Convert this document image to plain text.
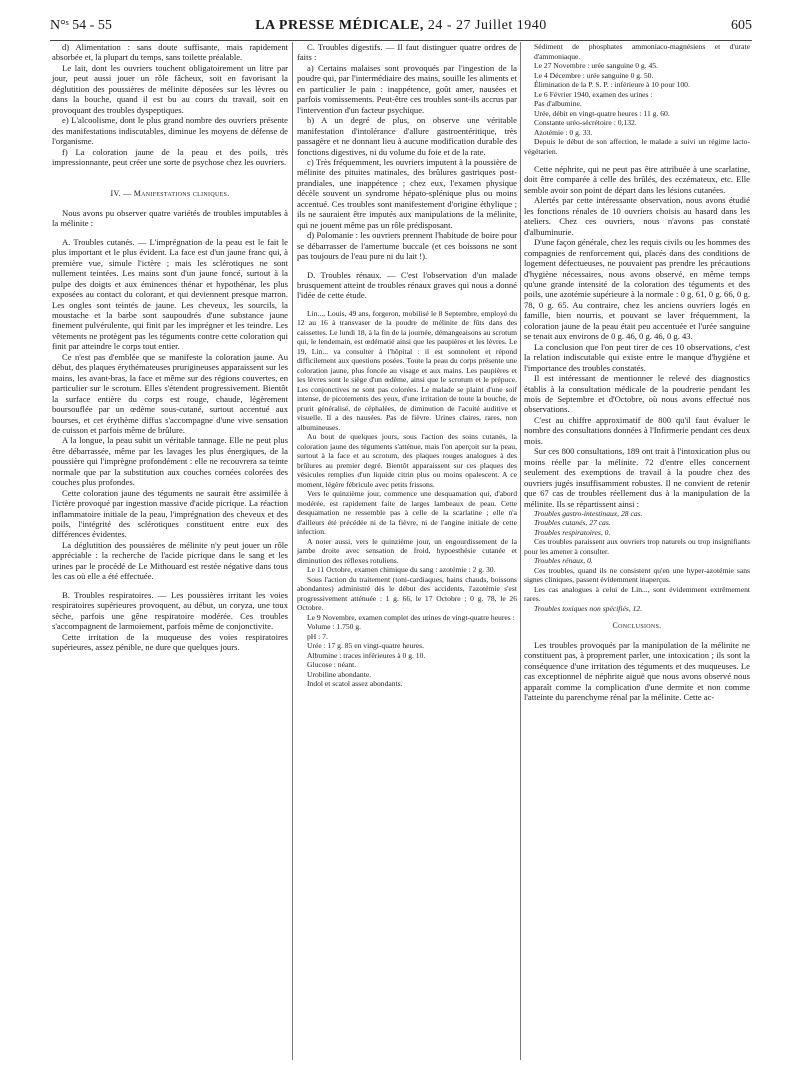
N°ˢ 54 - 55	LA PRESSE MÉDICALE, 24 - 27 Juillet 1940	605

d) Alimentation : sans doute suffisante, mais rapidement absorbée et, la plupart du temps, sans toilette préalable.

Le lait, dont les ouvriers touchent obligatoirement un litre par jour, peut aussi jouer un rôle fâcheux, soit en favorisant la déglutition des poussières de mélinite déposées sur les lèvres ou dans la bouche, quand il est bu au cours du travail, soit en provoquant des troubles dyspeptiques.

e) L'alcoolisme, dont le plus grand nombre des ouvriers présente des manifestations indiscutables, diminue les moyens de défense de l'organisme.

f) La coloration jaune de la peau et des poils, très impressionnante, peut créer une sorte de psychose chez les ouvriers.

IV. — Manifestations cliniques.

Nous avons pu observer quatre variétés de troubles imputables à la mélinite :

A. Troubles cutanés. — L'imprégnation de la peau est le fait le plus important et le plus évident. La face est d'un jaune franc qui, à première vue, simule l'ictère ; mais les sclérotiques ne sont nullement teintées. Les mains sont d'un jaune foncé, surtout à la pulpe des doigts et aux éminences thénar et hypothénar, les plus exposées au contact du colorant, et qui deviennent presque marron. Les ongles sont teintés de jaune. Les cheveux, les sourcils, la moustache et la barbe sont saupoudrés d'une substance jaune finement pulvérulente, qui finit par les imprégner et les teindre. Les vêtements ne protègent pas les téguments contre cette coloration qui finit par atteindre le corps tout entier.

Ce n'est pas d'emblée que se manifeste la coloration jaune. Au début, des plaques érythémateuses prurigineuses apparaissent sur les mains, les avant-bras, la face et même sur des régions couvertes, en particulier sur le scrotum. Elles s'étendent progressivement. Bientôt la surface entière du corps est rouge, chaude, légèrement boursouflée par un œdème sous-cutané, surtout accentué aux bourses, et cet érythème diffus s'accompagne d'une vive sensation de cuisson et parfois même de brûlure.

A la longue, la peau subit un véritable tannage. Elle ne peut plus être débarrassée, même par les lavages les plus énergiques, de la poussière qui l'imprègne profondément : elle ne recouvrera sa teinte normale que par la substitution aux couches cornées colorées des couches plus profondes.

Cette coloration jaune des téguments ne saurait être assimilée à l'ictère provoqué par ingestion massive d'acide picrique. La réaction inflammatoire initiale de la peau, l'imprégnation des cheveux et des poils, l'intégrité des sclérotiques constituent entre eux des différences évidentes.

La déglutition des poussières de mélinite n'y peut jouer un rôle appréciable : la recherche de l'acide picrique dans le sang et les urines par le procédé de Le Mithouard est restée négative dans tous les cas où elle a été effectuée.

B. Troubles respiratoires. — Les poussières irritant les voies respiratoires supérieures provoquent, au début, un coryza, une toux sèche, parfois une gêne respiratoire modérée. Ces troubles s'accompagnent de larmoiement, parfois même de conjonctivite.

Cette irritation de la muqueuse des voies respiratoires supérieures, assez pénible, ne dure que quelques jours.

C. Troubles digestifs. — Il faut distinguer quatre ordres de faits :

a) Certains malaises sont provoqués par l'ingestion de la poudre qui, par l'intermédiaire des mains, souille les aliments et en particulier le pain : inappétence, goût amer, nausées et parfois vomissements. Peut-être ces troubles sont-ils accrus par l'intervention d'un facteur psychique.

b) A un degré de plus, on observe une véritable manifestation d'intolérance d'allure gastroentéritique, très passagère et ne donnant lieu à aucune modification durable des fonctions digestives, ni du volume du foie et de la rate.

c) Très fréquemment, les ouvriers imputent à la poussière de mélinite des pituites matinales, des brûlures gastriques post-prandiales, une inappétence ; chez eux, l'examen physique décèle souvent un syndrome hépato-splénique plus ou moins accentué. Ces troubles sont manifestement d'origine éthylique ; ils ne sauraient être imputés aux manipulations de la mélinite, qui ne jouent même pas un rôle prédisposant.

d) Polomanie : les ouvriers prennent l'habitude de boire pour se débarrasser de l'amertume buccale (et ces boissons ne sont pas toujours de l'eau pure ni du lait !).

D. Troubles rénaux. — C'est l'observation d'un malade brusquement atteint de troubles rénaux graves qui nous a donné l'idée de cette étude.

Lin..., Louis, 49 ans, forgeron, mobilisé le 8 Septembre, employé du 12 au 16 à transvaser de la poudre de mélinite de fûts dans des caissettes. Le lundi 18, à la fin de la journée, démangeaisons au scrotum qui, le lendemain, est œdématié ainsi que les paupières et les lèvres. Le 19, Lin... va consulter à l'hôpital : il est somnolent et répond difficilement aux questions posées. Toute la peau du corps présente une coloration jaune, plus foncée au visage et aux mains. Les paupières et les lèvres sont le siège d'un œdème, ainsi que le scrotum et le prépuce. Les conjonctives ne sont pas colorées. Le malade se plaint d'une soif intense, de picotements des yeux, d'une irritation de toute la bouche, de prurit généralisé, de céphalées, de diminution de l'acuité auditive et visuelle. Il a des nausées. Pas de fièvre. Urines claires, rares, non albumineuses.

Au bout de quelques jours, sous l'action des soins cutanés, la coloration jaune des téguments s'atténue, mais l'on aperçoit sur la peau, surtout à la face et au scrotum, des plaques rouges analogues à des brûlures au premier degré. Bientôt apparaissent sur ces plaques des vésicules remplies d'un liquide citrin plus ou moins opalescent. A ce moment, légère fébricule avec petits frissons.

Vers le quinzième jour, commence une desquamation qui, d'abord modérée, est rapidement faite de larges lambeaux de peau. Cette desquamation ne ressemble pas à celle de la scarlatine ; elle n'a d'ailleurs été précédée ni de la fièvre, ni de l'angine initiale de cette infection.

A noter aussi, vers le quinzième jour, un engourdissement de la jambe droite avec sensation de froid, hypoesthésie cutanée et diminution des réflexes rotuliens.

Le 11 Octobre, examen chimique du sang : azotémie : 2 g. 30.

Sous l'action du traitement (toni-cardiaques, bains chauds, boissons abondantes) administré dès le début des accidents, l'azotémie s'est progressivement atténuée : 1 g. 66, le 17 Octobre ; 0 g. 78, le 26 Octobre.

Le 9 Novembre, examen complet des urines de vingt-quatre heures :

Volume : 1.750 g.

pH : 7.

Urée : 17 g. 85 en vingt-quatre heures.

Albumine : traces inférieures à 0 g. 10.

Glucose : néant.

Urobiline abondante.

Indol et scatol assez abondants.

Sédiment de phosphates ammoniaco-magnésiens et d'urate d'ammoniaque.

Le 27 Novembre : urée sanguine 0 g. 45.

Le 4 Décembre : urée sanguine 0 g. 50.

Élimination de la P. S. P. : inférieure à 10 pour 100.

Le 6 Février 1940, examen des urines :

Pas d'albumine.

Urée, débit en vingt-quatre heures : 11 g. 60.

Constante uréo-sécrétoire : 0,132.

Azotémie : 0 g. 33.

Depuis le début de son affection, le malade a suivi un régime lacto-végétarien.

Cette néphrite, qui ne peut pas être attribuée à une scarlatine, doit être comparée à celle des brûlés, des eczémateux, etc. Elle semble avoir son point de départ dans les lésions cutanées.

Alertés par cette intéressante observation, nous avons étudié les fonctions rénales de 10 ouvriers choisis au hasard dans les ateliers. Chez ces ouvriers, nous n'avons pas constaté d'albuminurie.

D'une façon générale, chez les requis civils ou les hommes des compagnies de renforcement qui, placés dans des conditions de logement défectueuses, ne pouvaient pas prendre les précautions d'hygiène nécessaires, nous avons observé, en même temps qu'une grande intensité de la coloration des téguments et des poils, une azotémie supérieure à la normale : 0 g. 61, 0 g. 66, 0 g. 78, 0 g. 65. Au contraire, chez les anciens ouvriers logés en famille, bien nourris, et pouvant se laver fréquemment, la coloration jaune de la peau était peu accentuée et l'urée sanguine se tenait aux environs de 0 g. 46, 0 g. 46, 0 g. 43.

La conclusion que l'on peut tirer de ces 10 observations, c'est la relation indiscutable qui existe entre le manque d'hygiène et l'importance des troubles constatés.

Il est intéressant de mentionner le relevé des diagnostics établis à la consultation médicale de la poudrerie pendant les mois de Septembre et d'Octobre, où nous avons effectué nos observations.

C'est au chiffre approximatif de 800 qu'il faut évaluer le nombre des consultations données à l'Infirmerie pendant ces deux mois.

Sur ces 800 consultations, 189 ont trait à l'intoxication plus ou moins réelle par la mélinite. 72 d'entre elles concernent seulement des exemptions de travail à la poudre chez des ouvriers jugés insuffisamment robustes. Il ne convient de retenir que 67 cas de troubles réellement dus à la manipulation de la mélinite. Ils se répartissent ainsi :

Troubles gastro-intestinaux, 28 cas.

Troubles cutanés, 27 cas.

Troubles respiratoires, 0.

Ces troubles paraissent aux ouvriers trop naturels ou trop insignifiants pour les amener à consulter.

Troubles rénaux, 0.

Ces troubles, quand ils ne consistent qu'en une hyper-azotémie sans signes cliniques, passent évidemment inaperçus.

Les cas analogues à celui de Lin..., sont évidemment extrêmement rares.

Troubles toxiques non spécifiés, 12.

Conclusions.

Les troubles provoqués par la manipulation de la mélinite ne constituent pas, à proprement parler, une intoxication ; ils sont la conséquence d'une irritation des téguments et des muqueuses. Le cas exceptionnel de néphrite aiguë que nous avons observé nous apparaît comme la complication d'une dermite et non comme l'atteinte du parenchyme rénal par la mélinite. Cette ac-
